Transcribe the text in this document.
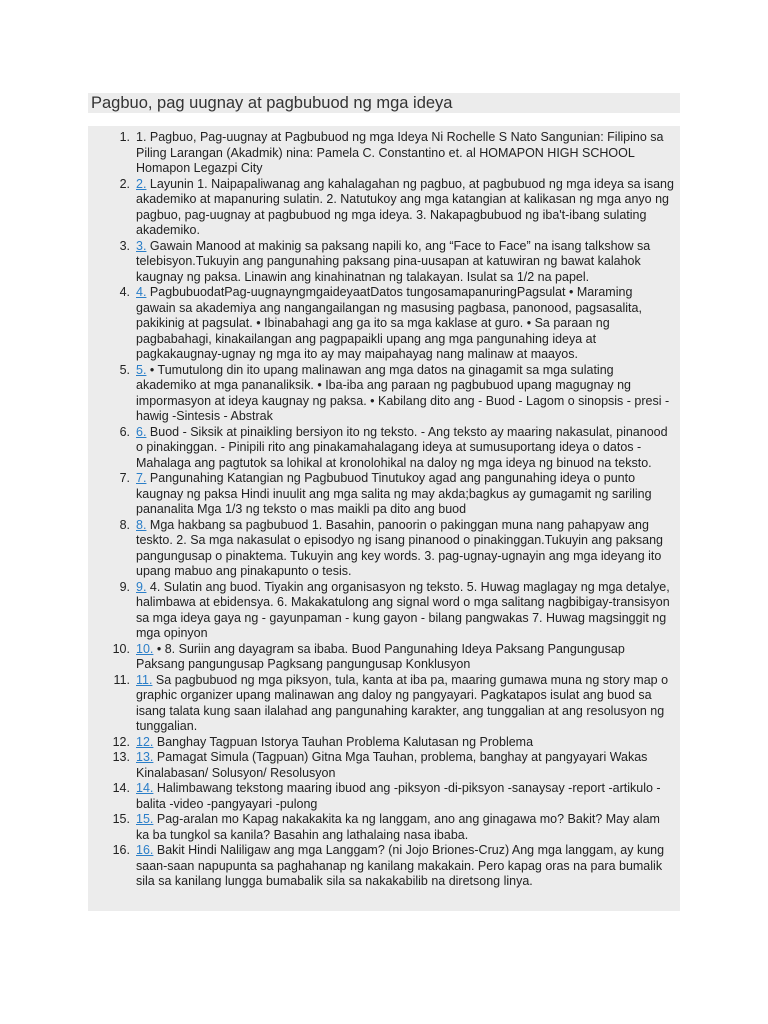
Pagbuo, pag uugnay at pagbubuod ng mga ideya
1. 1. Pagbuo, Pag-uugnay at Pagbubuod ng mga Ideya Ni Rochelle S Nato Sangunian: Filipino sa Piling Larangan (Akadmik) nina: Pamela C. Constantino et. al HOMAPON HIGH SCHOOL Homapon Legazpi City
2. 2. Layunin 1. Naipapaliwanag ang kahalagahan ng pagbuo, at pagbubuod ng mga ideya sa isang akademiko at mapanuring sulatin. 2. Natutukoy ang mga katangian at kalikasan ng mga anyo ng pagbuo, pag-uugnay at pagbubuod ng mga ideya. 3. Nakapagbubuod ng iba't-ibang sulating akademiko.
3. 3. Gawain Manood at makinig sa paksang napili ko, ang “Face to Face” na isang talkshow sa telebisyon.Tukuyin ang pangunahing paksang pina-uusapan at katuwiran ng bawat kalahok kaugnay ng paksa. Linawin ang kinahinatnan ng talakayan. Isulat sa 1/2 na papel.
4. 4. PagbubuodatPag-uugnayngmgaideyaatDatos tungosamapanuringPagsulat • Maraming gawain sa akademiya ang nangangailangan ng masusing pagbasa, panonood, pagsasalita, pakikinig at pagsulat. • Ibinabahagi ang ga ito sa mga kaklase at guro. • Sa paraan ng pagbabahagi, kinakailangan ang pagpapaikli upang ang mga pangunahing ideya at pagkakaugnay-ugnay ng mga ito ay may maipahayag nang malinaw at maayos.
5. 5. • Tumutulong din ito upang malinawan ang mga datos na ginagamit sa mga sulating akademiko at mga pananaliksik. • Iba-iba ang paraan ng pagbubuod upang magugnay ng impormasyon at ideya kaugnay ng paksa. • Kabilang dito ang - Buod - Lagom o sinopsis - presi - hawig -Sintesis - Abstrak
6. 6. Buod - Siksik at pinaikling bersiyon ito ng teksto. - Ang teksto ay maaring nakasulat, pinanood o pinakinggan. - Pinipili rito ang pinakamahalagang ideya at sumusuportang ideya o datos - Mahalaga ang pagtutok sa lohikal at kronolohikal na daloy ng mga ideya ng binuod na teksto.
7. 7. Pangunahing Katangian ng Pagbubuod Tinutukoy agad ang pangunahing ideya o punto kaugnay ng paksa Hindi inuulit ang mga salita ng may akda;bagkus ay gumagamit ng sariling pananalita Mga 1/3 ng teksto o mas maikli pa dito ang buod
8. 8. Mga hakbang sa pagbubuod 1. Basahin, panoorin o pakinggan muna nang pahapyaw ang teskto. 2. Sa mga nakasulat o episodyo ng isang pinanood o pinakinggan.Tukuyin ang paksang pangungusap o pinaktema. Tukuyin ang key words. 3. pag-ugnay-ugnayin ang mga ideyang ito upang mabuo ang pinakapunto o tesis.
9. 9. 4. Sulatin ang buod. Tiyakin ang organisasyon ng teksto. 5. Huwag maglagay ng mga detalye, halimbawa at ebidensya. 6. Makakatulong ang signal word o mga salitang nagbibigay-transisyon sa mga ideya gaya ng - gayunpaman - kung gayon - bilang pangwakas 7. Huwag magsinggit ng mga opinyon
10. 10. • 8. Suriin ang dayagram sa ibaba. Buod Pangunahing Ideya Paksang Pangungusap Paksang pangungusap Pagksang pangungusap Konklusyon
11. 11. Sa pagbubuod ng mga piksyon, tula, kanta at iba pa, maaring gumawa muna ng story map o graphic organizer upang malinawan ang daloy ng pangyayari. Pagkatapos isulat ang buod sa isang talata kung saan ilalahad ang pangunahing karakter, ang tunggalian at ang resolusyon ng tunggalian.
12. 12. Banghay Tagpuan Istorya Tauhan Problema Kalutasan ng Problema
13. 13. Pamagat Simula (Tagpuan) Gitna Mga Tauhan, problema, banghay at pangyayari Wakas Kinalabasan/ Solusyon/ Resolusyon
14. 14. Halimbawang tekstong maaring ibuod ang -piksyon -di-piksyon -sanaysay -report -artikulo -balita -video -pangyayari -pulong
15. 15. Pag-aralan mo Kapag nakakakita ka ng langgam, ano ang ginagawa mo? Bakit? May alam ka ba tungkol sa kanila? Basahin ang lathalaing nasa ibaba.
16. 16. Bakit Hindi Naliligaw ang mga Langgam? (ni Jojo Briones-Cruz) Ang mga langgam, ay kung saan-saan napupunta sa paghahanap ng kanilang makakain. Pero kapag oras na para bumalik sila sa kanilang lungga bumabalik sila sa nakakabilib na diretsong linya.
